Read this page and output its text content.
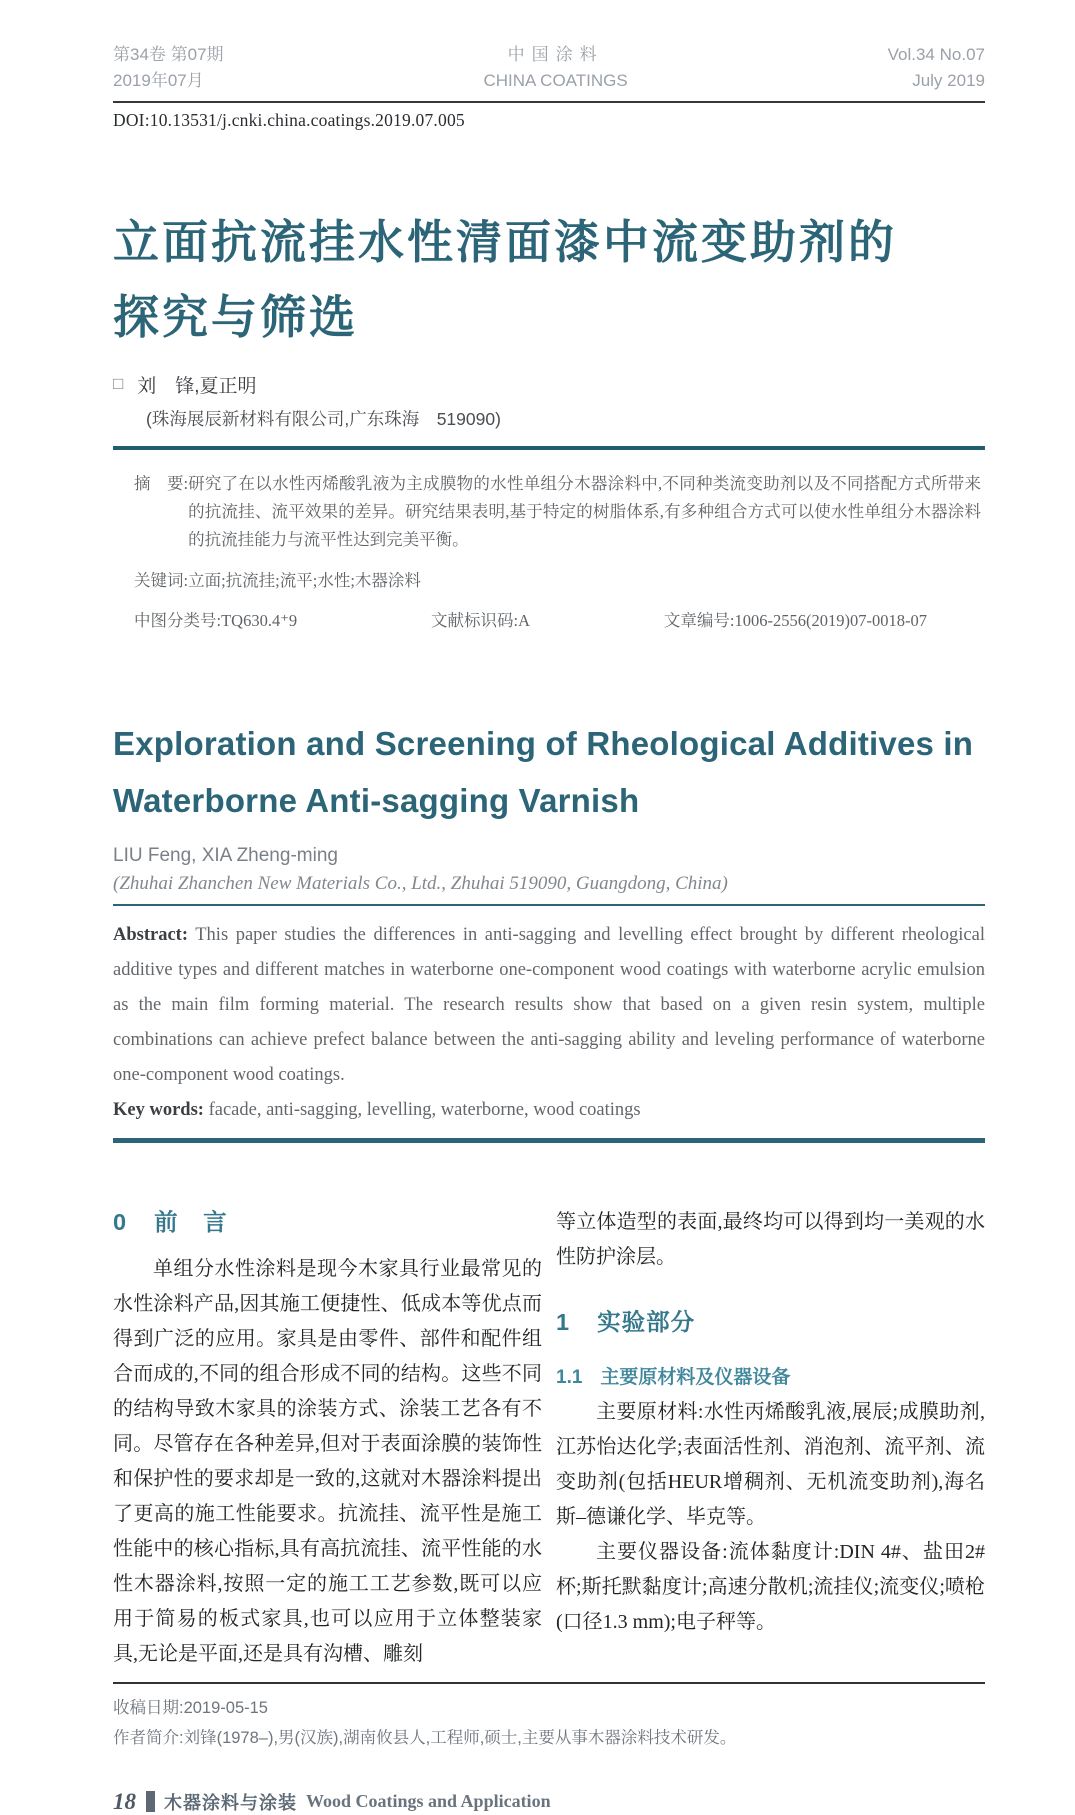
第34卷 第07期
2019年07月
中国涂料
CHINA COATINGS
Vol.34 No.07
July 2019
DOI:10.13531/j.cnki.china.coatings.2019.07.005
立面抗流挂水性清面漆中流变助剂的
探究与筛选
□ 刘　锋,夏正明
(珠海展辰新材料有限公司,广东珠海　519090)
摘　要: 研究了在以水性丙烯酸乳液为主成膜物的水性单组分木器涂料中,不同种类流变助剂以及不同搭配方式所带来的抗流挂、流平效果的差异。研究结果表明,基于特定的树脂体系,有多种组合方式可以使水性单组分木器涂料的抗流挂能力与流平性达到完美平衡。
关键词: 立面;抗流挂;流平;水性;木器涂料
中图分类号:TQ630.4⁺9	文献标识码:A	文章编号:1006-2556(2019)07-0018-07
Exploration and Screening of Rheological Additives in
Waterborne Anti-sagging Varnish
LIU Feng, XIA Zheng-ming
(Zhuhai Zhanchen New Materials Co., Ltd., Zhuhai 519090, Guangdong, China)

Abstract: This paper studies the differences in anti-sagging and levelling effect brought by different rheological additive types and different matches in waterborne one-component wood coatings with waterborne acrylic emulsion as the main film forming material. The research results show that based on a given resin system, multiple combinations can achieve prefect balance between the anti-sagging ability and leveling performance of waterborne one-component wood coatings.

Key words: facade, anti-sagging, levelling, waterborne, wood coatings

0 前　言

单组分水性涂料是现今木家具行业最常见的水性涂料产品,因其施工便捷性、低成本等优点而得到广泛的应用。家具是由零件、部件和配件组合而成的,不同的组合形成不同的结构。这些不同的结构导致木家具的涂装方式、涂装工艺各有不同。尽管存在各种差异,但对于表面涂膜的装饰性和保护性的要求却是一致的,这就对木器涂料提出了更高的施工性能要求。抗流挂、流平性是施工性能中的核心指标,具有高抗流挂、流平性能的水性木器涂料,按照一定的施工工艺参数,既可以应用于简易的板式家具,也可以应用于立体整装家具,无论是平面,还是具有沟槽、雕刻

等立体造型的表面,最终均可以得到均一美观的水性防护涂层。

1 实验部分
1.1 主要原材料及仪器设备

主要原材料:水性丙烯酸乳液,展辰;成膜助剂,江苏怡达化学;表面活性剂、消泡剂、流平剂、流变助剂(包括HEUR增稠剂、无机流变助剂),海名斯–德谦化学、毕克等。

主要仪器设备:流体黏度计:DIN 4#、盐田2#杯;斯托默黏度计;高速分散机;流挂仪;流变仪;喷枪(口径1.3 mm);电子秤等。

收稿日期:2019-05-15
作者简介:刘锋(1978–),男(汉族),湖南攸县人,工程师,硕士,主要从事木器涂料技术研发。
18 木器涂料与涂装 Wood Coatings and Application
